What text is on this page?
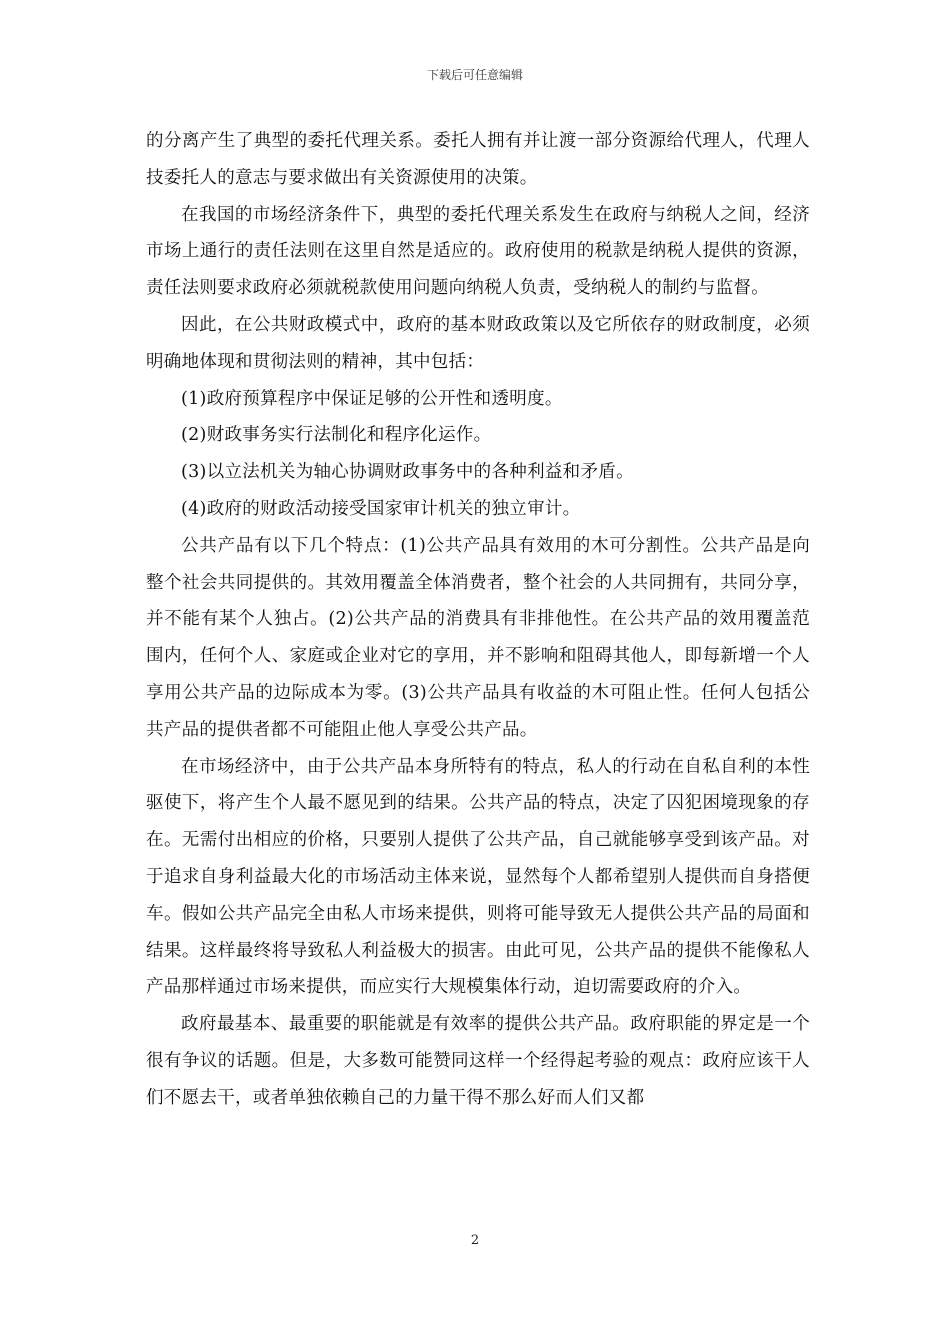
下载后可任意编辑

的分离产生了典型的委托代理关系。委托人拥有并让渡一部分资源给代理人，代理人技委托人的意志与要求做出有关资源使用的决策。

在我国的市场经济条件下，典型的委托代理关系发生在政府与纳税人之间，经济市场上通行的责任法则在这里自然是适应的。政府使用的税款是纳税人提供的资源，责任法则要求政府必须就税款使用问题向纳税人负责，受纳税人的制约与监督。

因此，在公共财政模式中，政府的基本财政政策以及它所依存的财政制度，必须明确地体现和贯彻法则的精神，其中包括：

(1)政府预算程序中保证足够的公开性和透明度。

(2)财政事务实行法制化和程序化运作。

(3)以立法机关为轴心协调财政事务中的各种利益和矛盾。

(4)政府的财政活动接受国家审计机关的独立审计。

公共产品有以下几个特点：(1)公共产品具有效用的木可分割性。公共产品是向整个社会共同提供的。其效用覆盖全体消费者，整个社会的人共同拥有，共同分享，并不能有某个人独占。(2)公共产品的消费具有非排他性。在公共产品的效用覆盖范围内，任何个人、家庭或企业对它的享用，并不影响和阻碍其他人，即每新增一个人享用公共产品的边际成本为零。(3)公共产品具有收益的木可阻止性。任何人包括公共产品的提供者都不可能阻止他人享受公共产品。

在市场经济中，由于公共产品本身所特有的特点，私人的行动在自私自利的本性驱使下，将产生个人最不愿见到的结果。公共产品的特点，决定了囚犯困境现象的存在。无需付出相应的价格，只要别人提供了公共产品，自己就能够享受到该产品。对于追求自身利益最大化的市场活动主体来说，显然每个人都希望别人提供而自身搭便车。假如公共产品完全由私人市场来提供，则将可能导致无人提供公共产品的局面和结果。这样最终将导致私人利益极大的损害。由此可见，公共产品的提供不能像私人产品那样通过市场来提供，而应实行大规模集体行动，迫切需要政府的介入。

政府最基本、最重要的职能就是有效率的提供公共产品。政府职能的界定是一个很有争议的话题。但是，大多数可能赞同这样一个经得起考验的观点：政府应该干人们不愿去干，或者单独依赖自己的力量干得不那么好而人们又都

2
